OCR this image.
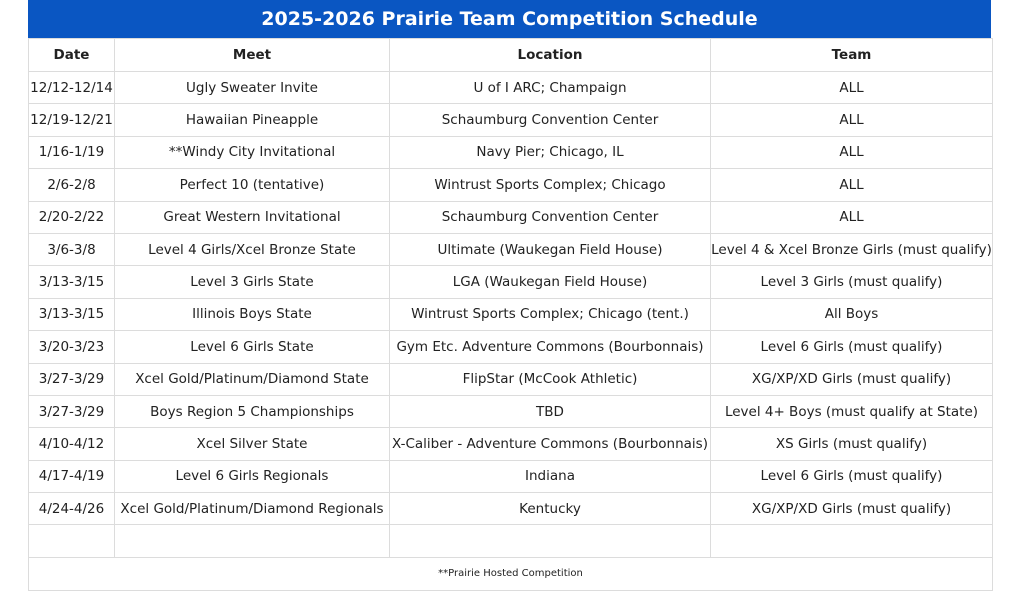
2025-2026 Prairie Team Competition Schedule
Date	Meet	Location	Team
12/12-12/14	Ugly Sweater Invite	U of I ARC; Champaign	ALL
12/19-12/21	Hawaiian Pineapple	Schaumburg Convention Center	ALL
1/16-1/19	**Windy City Invitational	Navy Pier; Chicago, IL	ALL
2/6-2/8	Perfect 10 (tentative)	Wintrust Sports Complex; Chicago	ALL
2/20-2/22	Great Western Invitational	Schaumburg Convention Center	ALL
3/6-3/8	Level 4 Girls/Xcel Bronze State	Ultimate (Waukegan Field House)	Level 4 & Xcel Bronze Girls (must qualify)
3/13-3/15	Level 3 Girls State	LGA (Waukegan Field House)	Level 3 Girls (must qualify)
3/13-3/15	Illinois Boys State	Wintrust Sports Complex; Chicago (tent.)	All Boys
3/20-3/23	Level 6 Girls State	Gym Etc. Adventure Commons (Bourbonnais)	Level 6 Girls (must qualify)
3/27-3/29	Xcel Gold/Platinum/Diamond State	FlipStar (McCook Athletic)	XG/XP/XD Girls (must qualify)
3/27-3/29	Boys Region 5 Championships	TBD	Level 4+ Boys (must qualify at State)
4/10-4/12	Xcel Silver State	X-Caliber - Adventure Commons (Bourbonnais)	XS Girls (must qualify)
4/17-4/19	Level 6 Girls Regionals	Indiana	Level 6 Girls (must qualify)
4/24-4/26	Xcel Gold/Platinum/Diamond Regionals	Kentucky	XG/XP/XD Girls (must qualify)

**Prairie Hosted Competition			
